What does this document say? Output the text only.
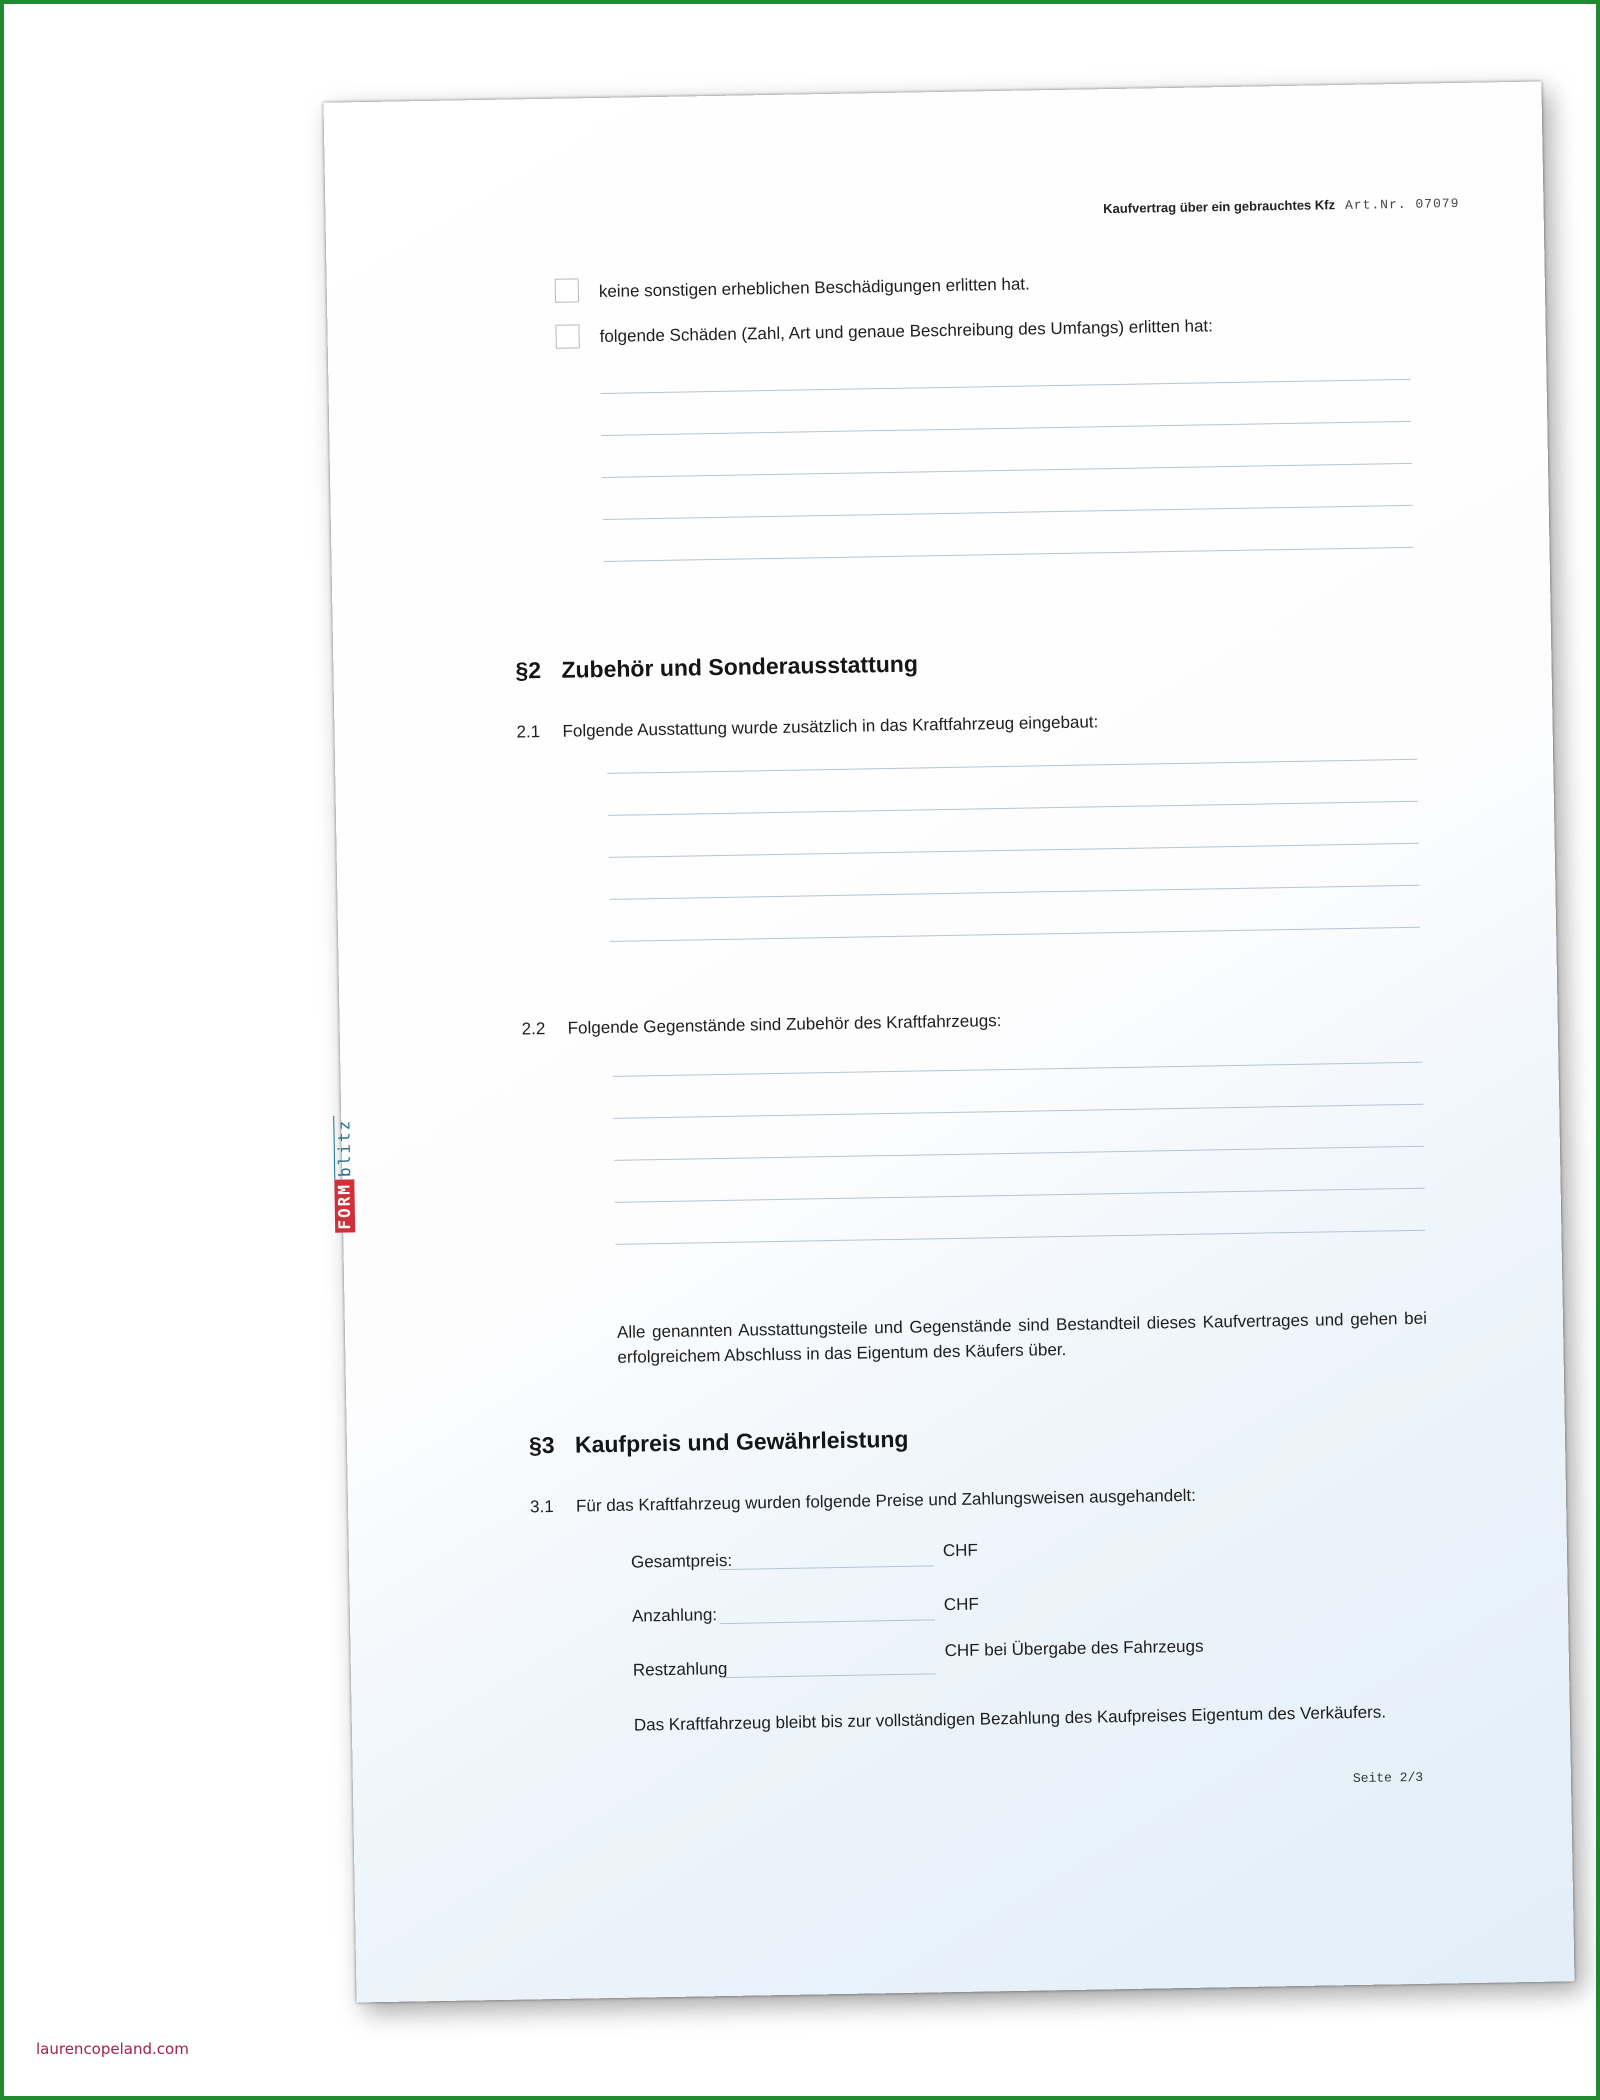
Kaufvertrag über ein gebrauchtes Kfz Art.Nr. 07079
keine sonstigen erheblichen Beschädigungen erlitten hat.
folgende Schäden (Zahl, Art und genaue Beschreibung des Umfangs) erlitten hat:
§2 Zubehör und Sonderausstattung
2.1 Folgende Ausstattung wurde zusätzlich in das Kraftfahrzeug eingebaut:
2.2 Folgende Gegenstände sind Zubehör des Kraftfahrzeugs:
Alle genannten Ausstattungsteile und Gegenstände sind Bestandteil dieses Kaufvertrages und gehen bei erfolgreichem Abschluss in das Eigentum des Käufers über.
§3 Kaufpreis und Gewährleistung
3.1 Für das Kraftfahrzeug wurden folgende Preise und Zahlungsweisen ausgehandelt:
Gesamtpreis:
CHF
Anzahlung:
CHF
Restzahlung
CHF bei Übergabe des Fahrzeugs
Das Kraftfahrzeug bleibt bis zur vollständigen Bezahlung des Kaufpreises Eigentum des Verkäufers.
Seite 2/3
FORM
blitz
laurencopeland.com
